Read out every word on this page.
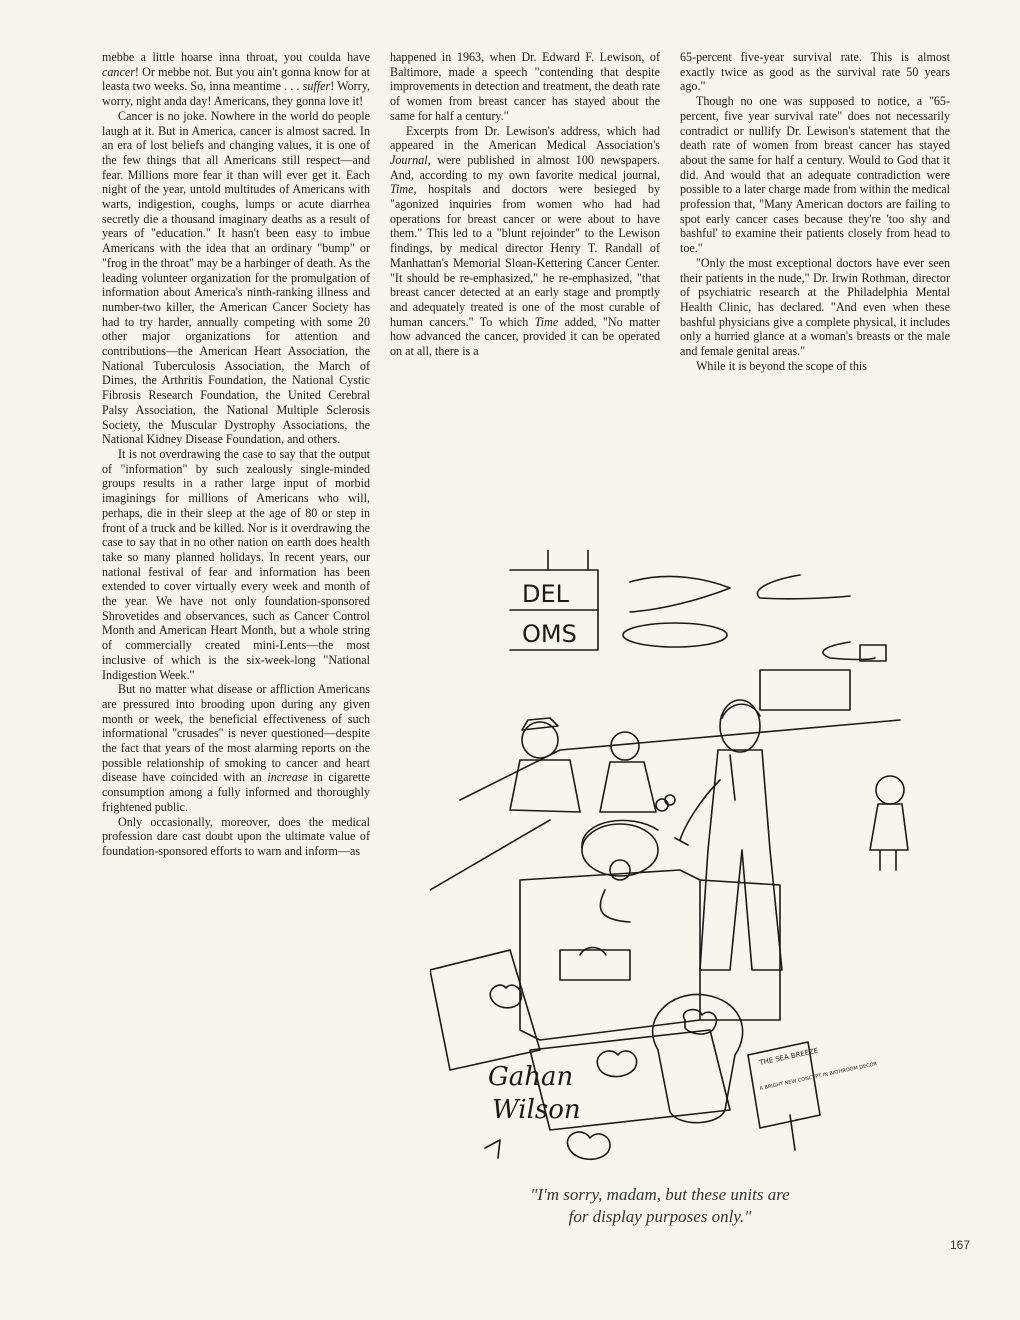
mebbe a little hoarse inna throat, you coulda have cancer! Or mebbe not. But you ain't gonna know for at leasta two weeks. So, inna meantime . . . suffer! Worry, worry, night anda day! Americans, they gonna love it!

Cancer is no joke. Nowhere in the world do people laugh at it. But in America, cancer is almost sacred. In an era of lost beliefs and changing values, it is one of the few things that all Americans still respect—and fear. Millions more fear it than will ever get it. Each night of the year, untold multitudes of Americans with warts, indigestion, coughs, lumps or acute diarrhea secretly die a thousand imaginary deaths as a result of years of "education." It hasn't been easy to imbue Americans with the idea that an ordinary "bump" or "frog in the throat" may be a harbinger of death. As the leading volunteer organization for the promulgation of information about America's ninth-ranking illness and number-two killer, the American Cancer Society has had to try harder, annually competing with some 20 other major organizations for attention and contributions—the American Heart Association, the National Tuberculosis Association, the March of Dimes, the Arthritis Foundation, the National Cystic Fibrosis Research Foundation, the United Cerebral Palsy Association, the National Multiple Sclerosis Society, the Muscular Dystrophy Associations, the National Kidney Disease Foundation, and others.

It is not overdrawing the case to say that the output of "information" by such zealously single-minded groups results in a rather large input of morbid imaginings for millions of Americans who will, perhaps, die in their sleep at the age of 80 or step in front of a truck and be killed. Nor is it overdrawing the case to say that in no other nation on earth does health take so many planned holidays. In recent years, our national festival of fear and information has been extended to cover virtually every week and month of the year. We have not only foundation-sponsored Shrovetides and observances, such as Cancer Control Month and American Heart Month, but a whole string of commercially created mini-Lents—the most inclusive of which is the six-week-long "National Indigestion Week."

But no matter what disease or affliction Americans are pressured into brooding upon during any given month or week, the beneficial effectiveness of such informational "crusades" is never questioned—despite the fact that years of the most alarming reports on the possible relationship of smoking to cancer and heart disease have coincided with an increase in cigarette consumption among a fully informed and thoroughly frightened public.

Only occasionally, moreover, does the medical profession dare cast doubt upon the ultimate value of foundation-sponsored efforts to warn and inform—as

happened in 1963, when Dr. Edward F. Lewison, of Baltimore, made a speech "contending that despite improvements in detection and treatment, the death rate of women from breast cancer has stayed about the same for half a century."

Excerpts from Dr. Lewison's address, which had appeared in the American Medical Association's Journal, were published in almost 100 newspapers. And, according to my own favorite medical journal, Time, hospitals and doctors were besieged by "agonized inquiries from women who had had operations for breast cancer or were about to have them." This led to a "blunt rejoinder" to the Lewison findings, by medical director Henry T. Randall of Manhattan's Memorial Sloan-Kettering Cancer Center. "It should be re-emphasized," he re-emphasized, "that breast cancer detected at an early stage and promptly and adequately treated is one of the most curable of human cancers." To which Time added, "No matter how advanced the cancer, provided it can be operated on at all, there is a

65-percent five-year survival rate. This is almost exactly twice as good as the survival rate 50 years ago."

Though no one was supposed to notice, a "65-percent, five year survival rate" does not necessarily contradict or nullify Dr. Lewison's statement that the death rate of women from breast cancer has stayed about the same for half a century. Would to God that it did. And would that an adequate contradiction were possible to a later charge made from within the medical profession that, "Many American doctors are failing to spot early cancer cases because they're 'too shy and bashful' to examine their patients closely from head to toe."

"Only the most exceptional doctors have ever seen their patients in the nude," Dr. Irwin Rothman, director of psychiatric research at the Philadelphia Mental Health Clinic, has declared. "And even when these bashful physicians give a complete physical, it includes only a hurried glance at a woman's breasts or the male and female genital areas."

While it is beyond the scope of this

DEL
OMS
THE SEA BREEZE
A BRIGHT NEW CONCEPT IN BATHROOM DECOR
Gahan
Wilson
"I'm sorry, madam, but these units are
for display purposes only."
167
